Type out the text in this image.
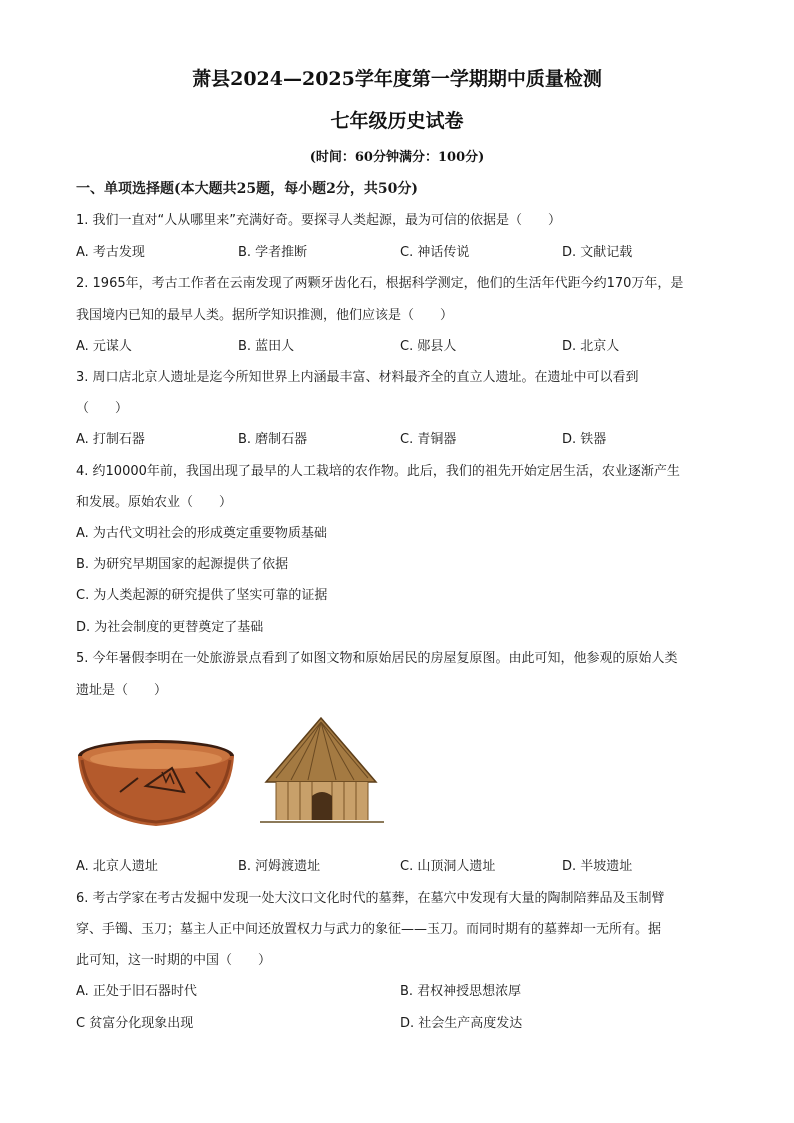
萧县2024—2025学年度第一学期期中质量检测
七年级历史试卷
(时间：60分钟满分：100分)
一、单项选择题(本大题共25题，每小题2分，共50分)
1. 我们一直对“人从哪里来”充满好奇。要探寻人类起源，最为可信的依据是（　　）
A. 考古发现	B. 学者推断	C. 神话传说	D. 文献记载
2. 1965年，考古工作者在云南发现了两颗牙齿化石，根据科学测定，他们的生活年代距今约170万年，是
我国境内已知的最早人类。据所学知识推测，他们应该是（　　）
A. 元谋人	B. 蓝田人	C. 郧县人	D. 北京人
3. 周口店北京人遗址是迄今所知世界上内涵最丰富、材料最齐全的直立人遗址。在遗址中可以看到
（　　）
A. 打制石器	B. 磨制石器	C. 青铜器	D. 铁器
4. 约10000年前，我国出现了最早的人工栽培的农作物。此后，我们的祖先开始定居生活，农业逐渐产生
和发展。原始农业（　　）
A. 为古代文明社会的形成奠定重要物质基础
B. 为研究早期国家的起源提供了依据
C. 为人类起源的研究提供了坚实可靠的证据
D. 为社会制度的更替奠定了基础
5. 今年暑假李明在一处旅游景点看到了如图文物和原始居民的房屋复原图。由此可知，他参观的原始人类
遗址是（　　）
A. 北京人遗址	B. 河姆渡遗址	C. 山顶洞人遗址	D. 半坡遗址
6. 考古学家在考古发掘中发现一处大汶口文化时代的墓葬，在墓穴中发现有大量的陶制陪葬品及玉制臂
穿、手镯、玉刀；墓主人正中间还放置权力与武力的象征——玉刀。而同时期有的墓葬却一无所有。据
此可知，这一时期的中国（　　）
A. 正处于旧石器时代	B. 君权神授思想浓厚
C 贫富分化现象出现	D. 社会生产高度发达
